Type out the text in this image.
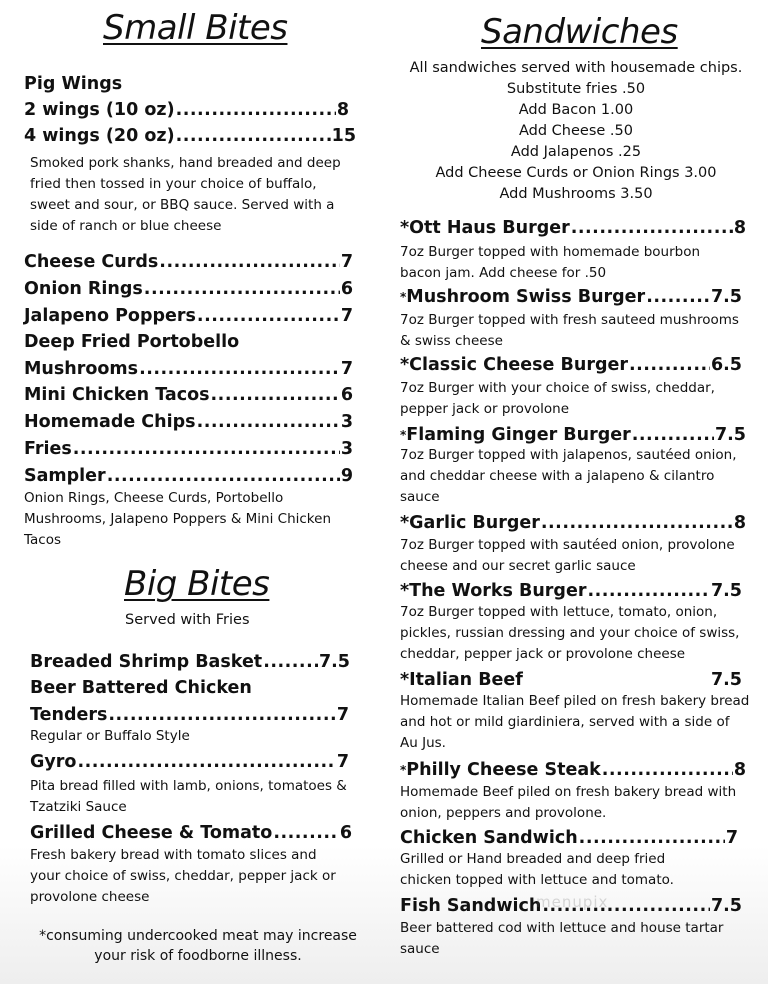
Small Bites
Pig Wings
2 wings (10 oz) .....	8
4 wings (20 oz) .....	15
Smoked pork shanks, hand breaded and deep fried then tossed in your choice of buffalo, sweet and sour, or BBQ sauce. Served with a side of ranch or blue cheese
Cheese Curds .....	7
Onion Rings .....	6
Jalapeno Poppers .....	7
Deep Fried Portobello
Mushrooms .....	7
Mini Chicken Tacos .....	6
Homemade Chips .....	3
Fries .....	3
Sampler .....	9
Onion Rings, Cheese Curds, Portobello Mushrooms, Jalapeno Poppers & Mini Chicken Tacos
Big Bites
Served with Fries
Breaded Shrimp Basket .....	7.5
Beer Battered Chicken
Tenders .....	7
Regular or Buffalo Style
Gyro .....	7
Pita bread filled with lamb, onions, tomatoes & Tzatziki Sauce
Grilled Cheese & Tomato .....	6
Fresh bakery bread with tomato slices and your choice of swiss, cheddar, pepper jack or provolone cheese
*consuming undercooked meat may increase your risk of foodborne illness.
Sandwiches
All sandwiches served with housemade chips.
Substitute fries .50
Add Bacon 1.00
Add Cheese .50
Add Jalapenos .25
Add Cheese Curds or Onion Rings 3.00
Add Mushrooms 3.50
*Ott Haus Burger .....	8
7oz Burger topped with homemade bourbon bacon jam. Add cheese for .50
*Mushroom Swiss Burger .....	7.5
7oz Burger topped with fresh sauteed mushrooms & swiss cheese
*Classic Cheese Burger .....	6.5
7oz Burger with your choice of swiss, cheddar, pepper jack or provolone
*Flaming Ginger Burger .....	7.5
7oz Burger topped with jalapenos, sautéed onion, and cheddar cheese with a jalapeno & cilantro sauce
*Garlic Burger .....	8
7oz Burger topped with sautéed onion, provolone cheese and our secret garlic sauce
*The Works Burger .....	7.5
7oz Burger topped with lettuce, tomato, onion, pickles, russian dressing and your choice of swiss, cheddar, pepper jack or provolone cheese
*Italian Beef	7.5
Homemade Italian Beef piled on fresh bakery bread and hot or mild giardiniera, served with a side of Au Jus.
*Philly Cheese Steak .....	8
Homemade Beef piled on fresh bakery bread with onion, peppers and provolone.
Chicken Sandwich .....	7
Grilled or Hand breaded and deep fried chicken topped with lettuce and tomato.
Fish Sandwich .....	7.5
Beer battered cod with lettuce and house tartar sauce
menupix
